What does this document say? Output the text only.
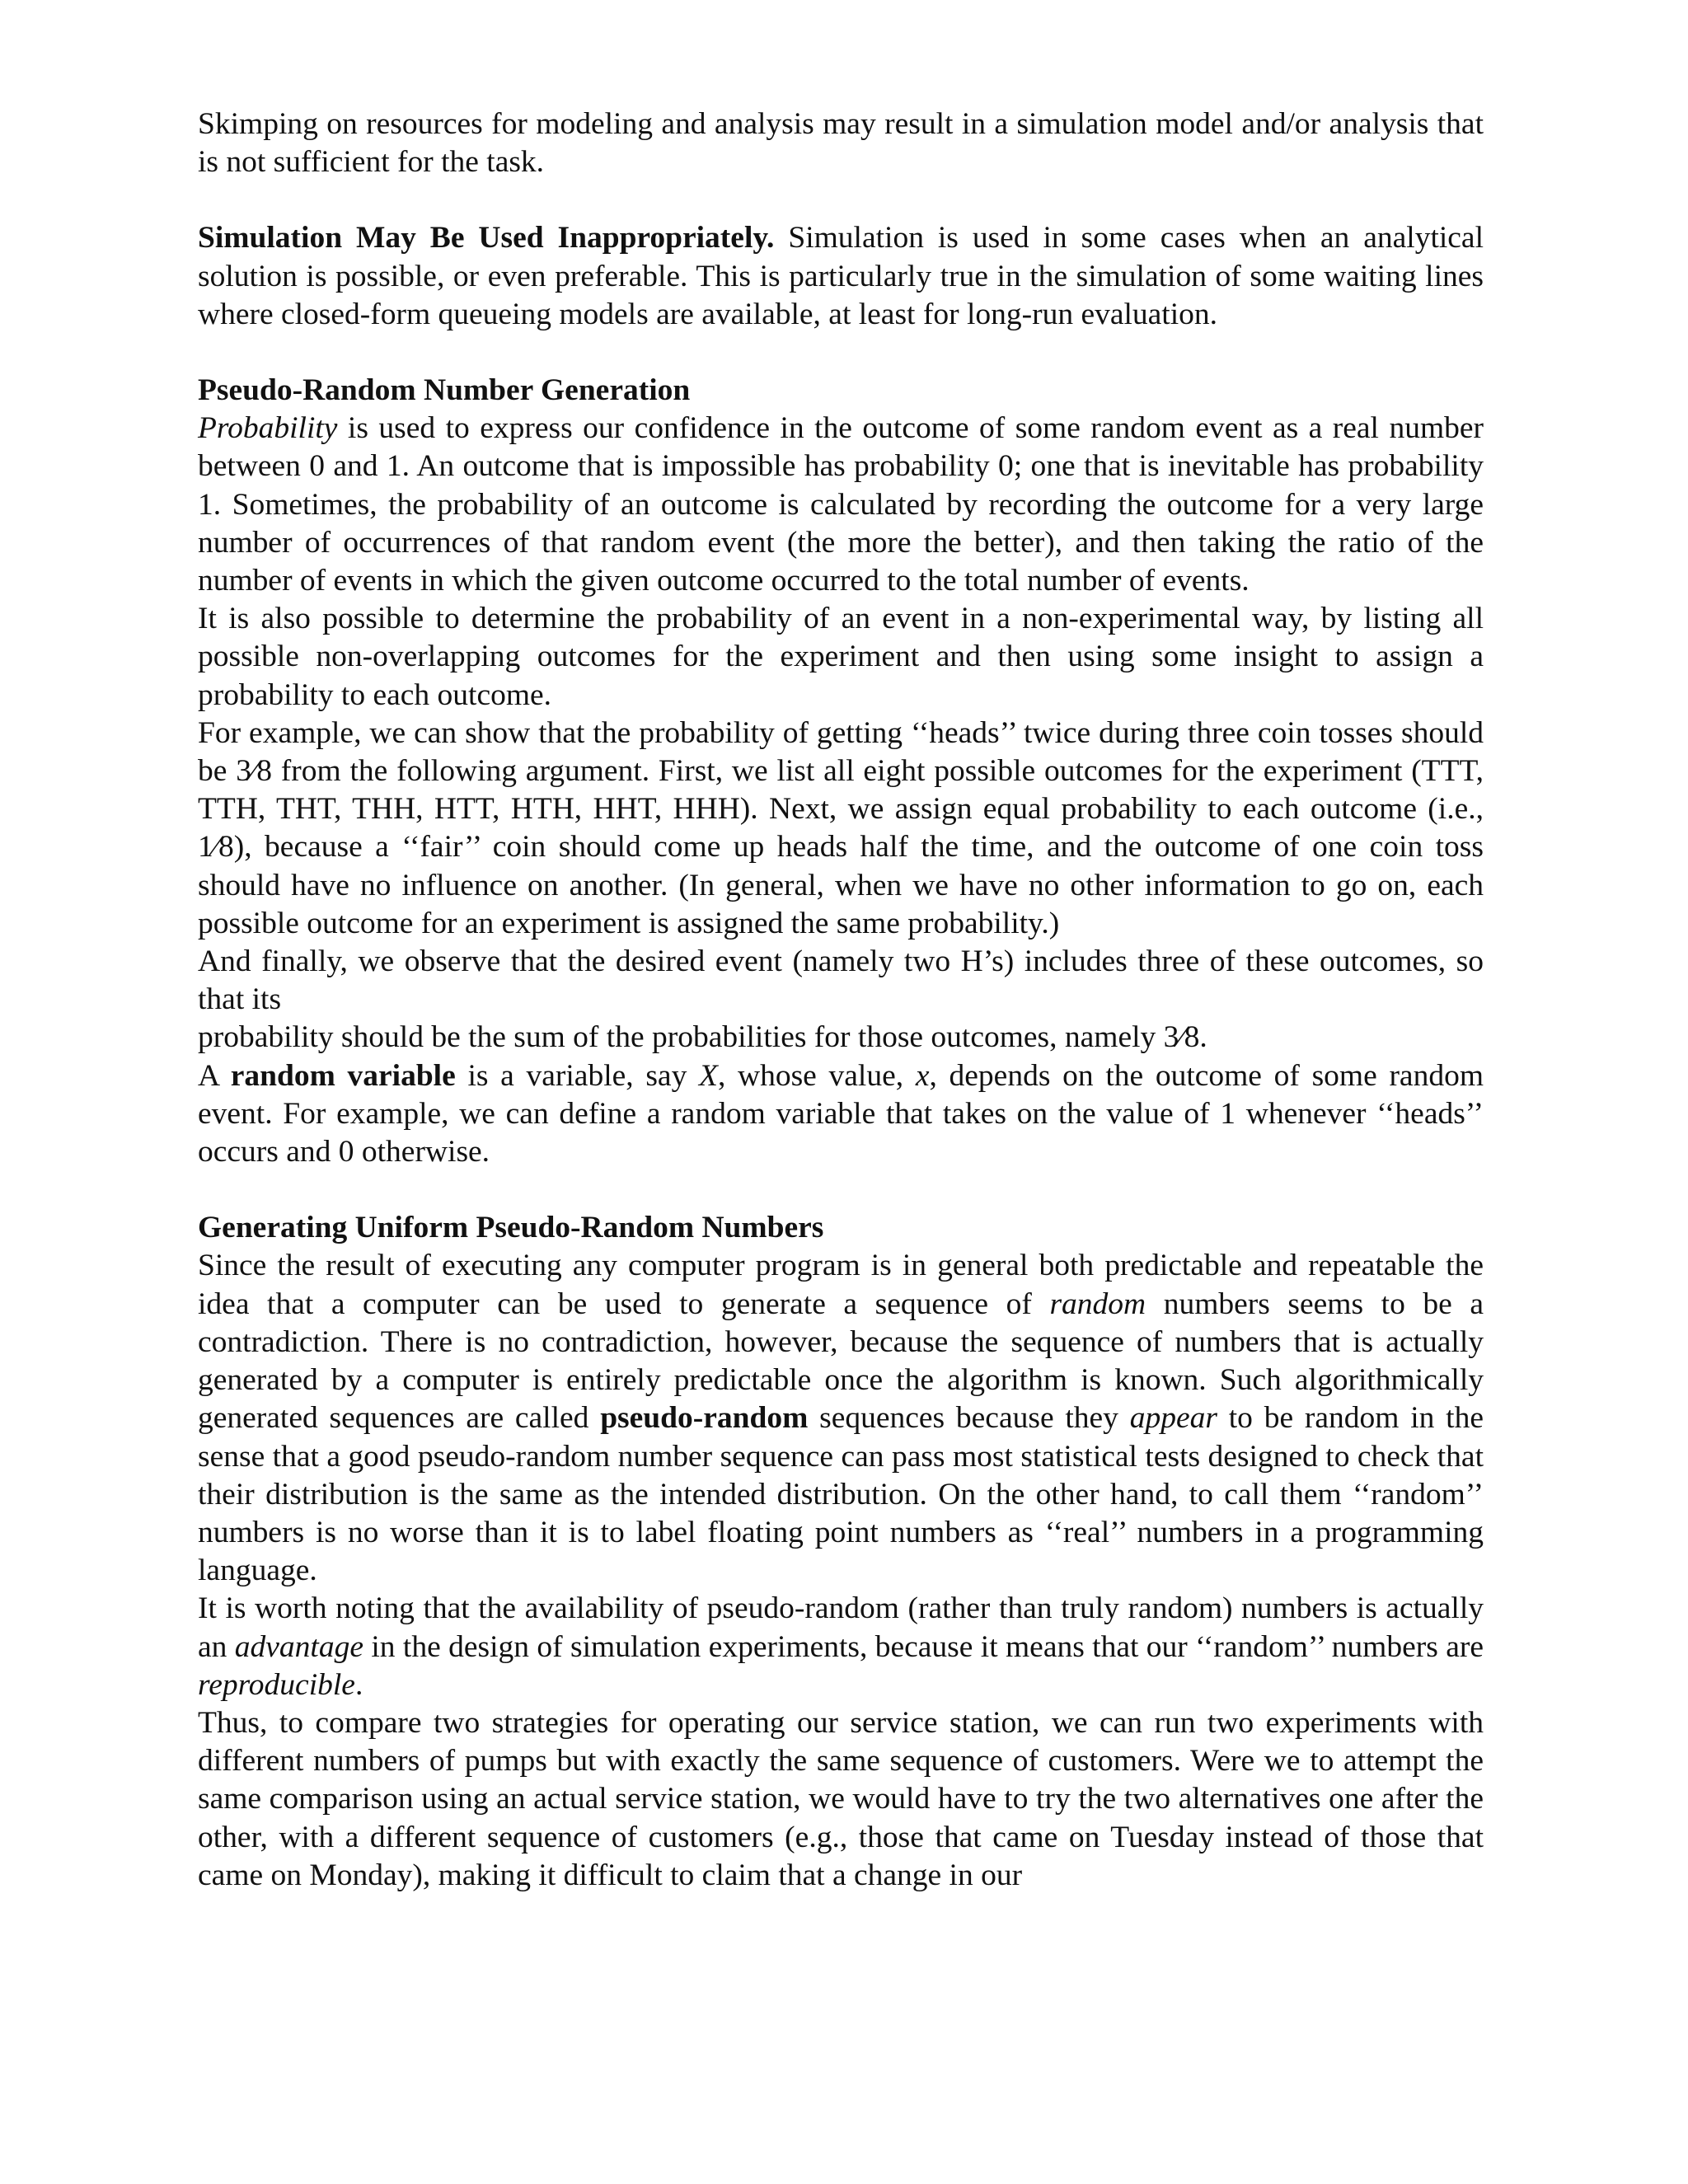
Skimping on resources for modeling and analysis may result in a simulation model and/or analysis that is not sufficient for the task.

Simulation May Be Used Inappropriately. Simulation is used in some cases when an analytical solution is possible, or even preferable. This is particularly true in the simulation of some waiting lines where closed-form queueing models are available, at least for long-run evaluation.

Pseudo-Random Number Generation

Probability is used to express our confidence in the outcome of some random event as a real number between 0 and 1. An outcome that is impossible has probability 0; one that is inevitable has probability 1. Sometimes, the probability of an outcome is calculated by recording the outcome for a very large number of occurrences of that random event (the more the better), and then taking the ratio of the number of events in which the given outcome occurred to the total number of events.

It is also possible to determine the probability of an event in a non-experimental way, by listing all possible non-overlapping outcomes for the experiment and then using some insight to assign a probability to each outcome.

For example, we can show that the probability of getting ‘‘heads’’ twice during three coin tosses should be 3⁄8 from the following argument. First, we list all eight possible outcomes for the experiment (TTT, TTH, THT, THH, HTT, HTH, HHT, HHH). Next, we assign equal probability to each outcome (i.e., 1⁄8), because a ‘‘fair’’ coin should come up heads half the time, and the outcome of one coin toss should have no influence on another. (In general, when we have no other information to go on, each possible outcome for an experiment is assigned the same probability.)

And finally, we observe that the desired event (namely two H’s) includes three of these outcomes, so that its

probability should be the sum of the probabilities for those outcomes, namely 3⁄8.

A random variable is a variable, say X, whose value, x, depends on the outcome of some random event. For example, we can define a random variable that takes on the value of 1 whenever ‘‘heads’’ occurs and 0 otherwise.

Generating Uniform Pseudo-Random Numbers

Since the result of executing any computer program is in general both predictable and repeatable the idea that a computer can be used to generate a sequence of random numbers seems to be a contradiction. There is no contradiction, however, because the sequence of numbers that is actually generated by a computer is entirely predictable once the algorithm is known. Such algorithmically generated sequences are called pseudo-random sequences because they appear to be random in the sense that a good pseudo-random number sequence can pass most statistical tests designed to check that their distribution is the same as the intended distribution. On the other hand, to call them ‘‘random’’ numbers is no worse than it is to label floating point numbers as ‘‘real’’ numbers in a programming language.

It is worth noting that the availability of pseudo-random (rather than truly random) numbers is actually an advantage in the design of simulation experiments, because it means that our ‘‘random’’ numbers are reproducible.

Thus, to compare two strategies for operating our service station, we can run two experiments with different numbers of pumps but with exactly the same sequence of customers. Were we to attempt the same comparison using an actual service station, we would have to try the two alternatives one after the other, with a different sequence of customers (e.g., those that came on Tuesday instead of those that came on Monday), making it difficult to claim that a change in our
